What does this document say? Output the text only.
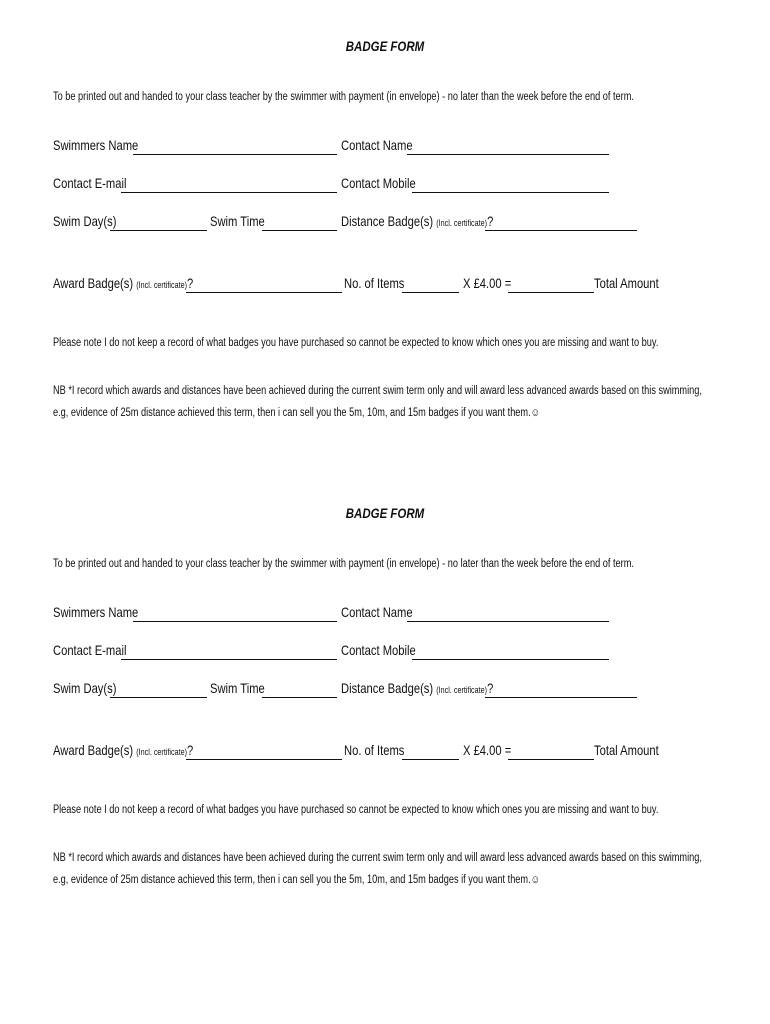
BADGE FORM
To be printed out and handed to your class teacher by the swimmer with payment (in envelope) - no later than the week before the end of term.
Swimmers Name	Contact Name
Contact E-mail	Contact Mobile
Swim Day(s)	Swim Time	Distance Badge(s) (Incl. certificate)?
Award Badge(s) (Incl. certificate)?	No. of Items	X £4.00 =	Total Amount
Please note I do not keep a record of what badges you have purchased so cannot be expected to know which ones you are missing and want to buy.
NB *I record which awards and distances have been achieved during the current swim term only and will award less advanced awards based on this swimming,
e.g, evidence of 25m distance achieved this term, then i can sell you the 5m, 10m, and 15m badges if you want them.☺
BADGE FORM
To be printed out and handed to your class teacher by the swimmer with payment (in envelope) - no later than the week before the end of term.
Swimmers Name	Contact Name
Contact E-mail	Contact Mobile
Swim Day(s)	Swim Time	Distance Badge(s) (Incl. certificate)?
Award Badge(s) (Incl. certificate)?	No. of Items	X £4.00 =	Total Amount
Please note I do not keep a record of what badges you have purchased so cannot be expected to know which ones you are missing and want to buy.
NB *I record which awards and distances have been achieved during the current swim term only and will award less advanced awards based on this swimming,
e.g, evidence of 25m distance achieved this term, then i can sell you the 5m, 10m, and 15m badges if you want them.☺
